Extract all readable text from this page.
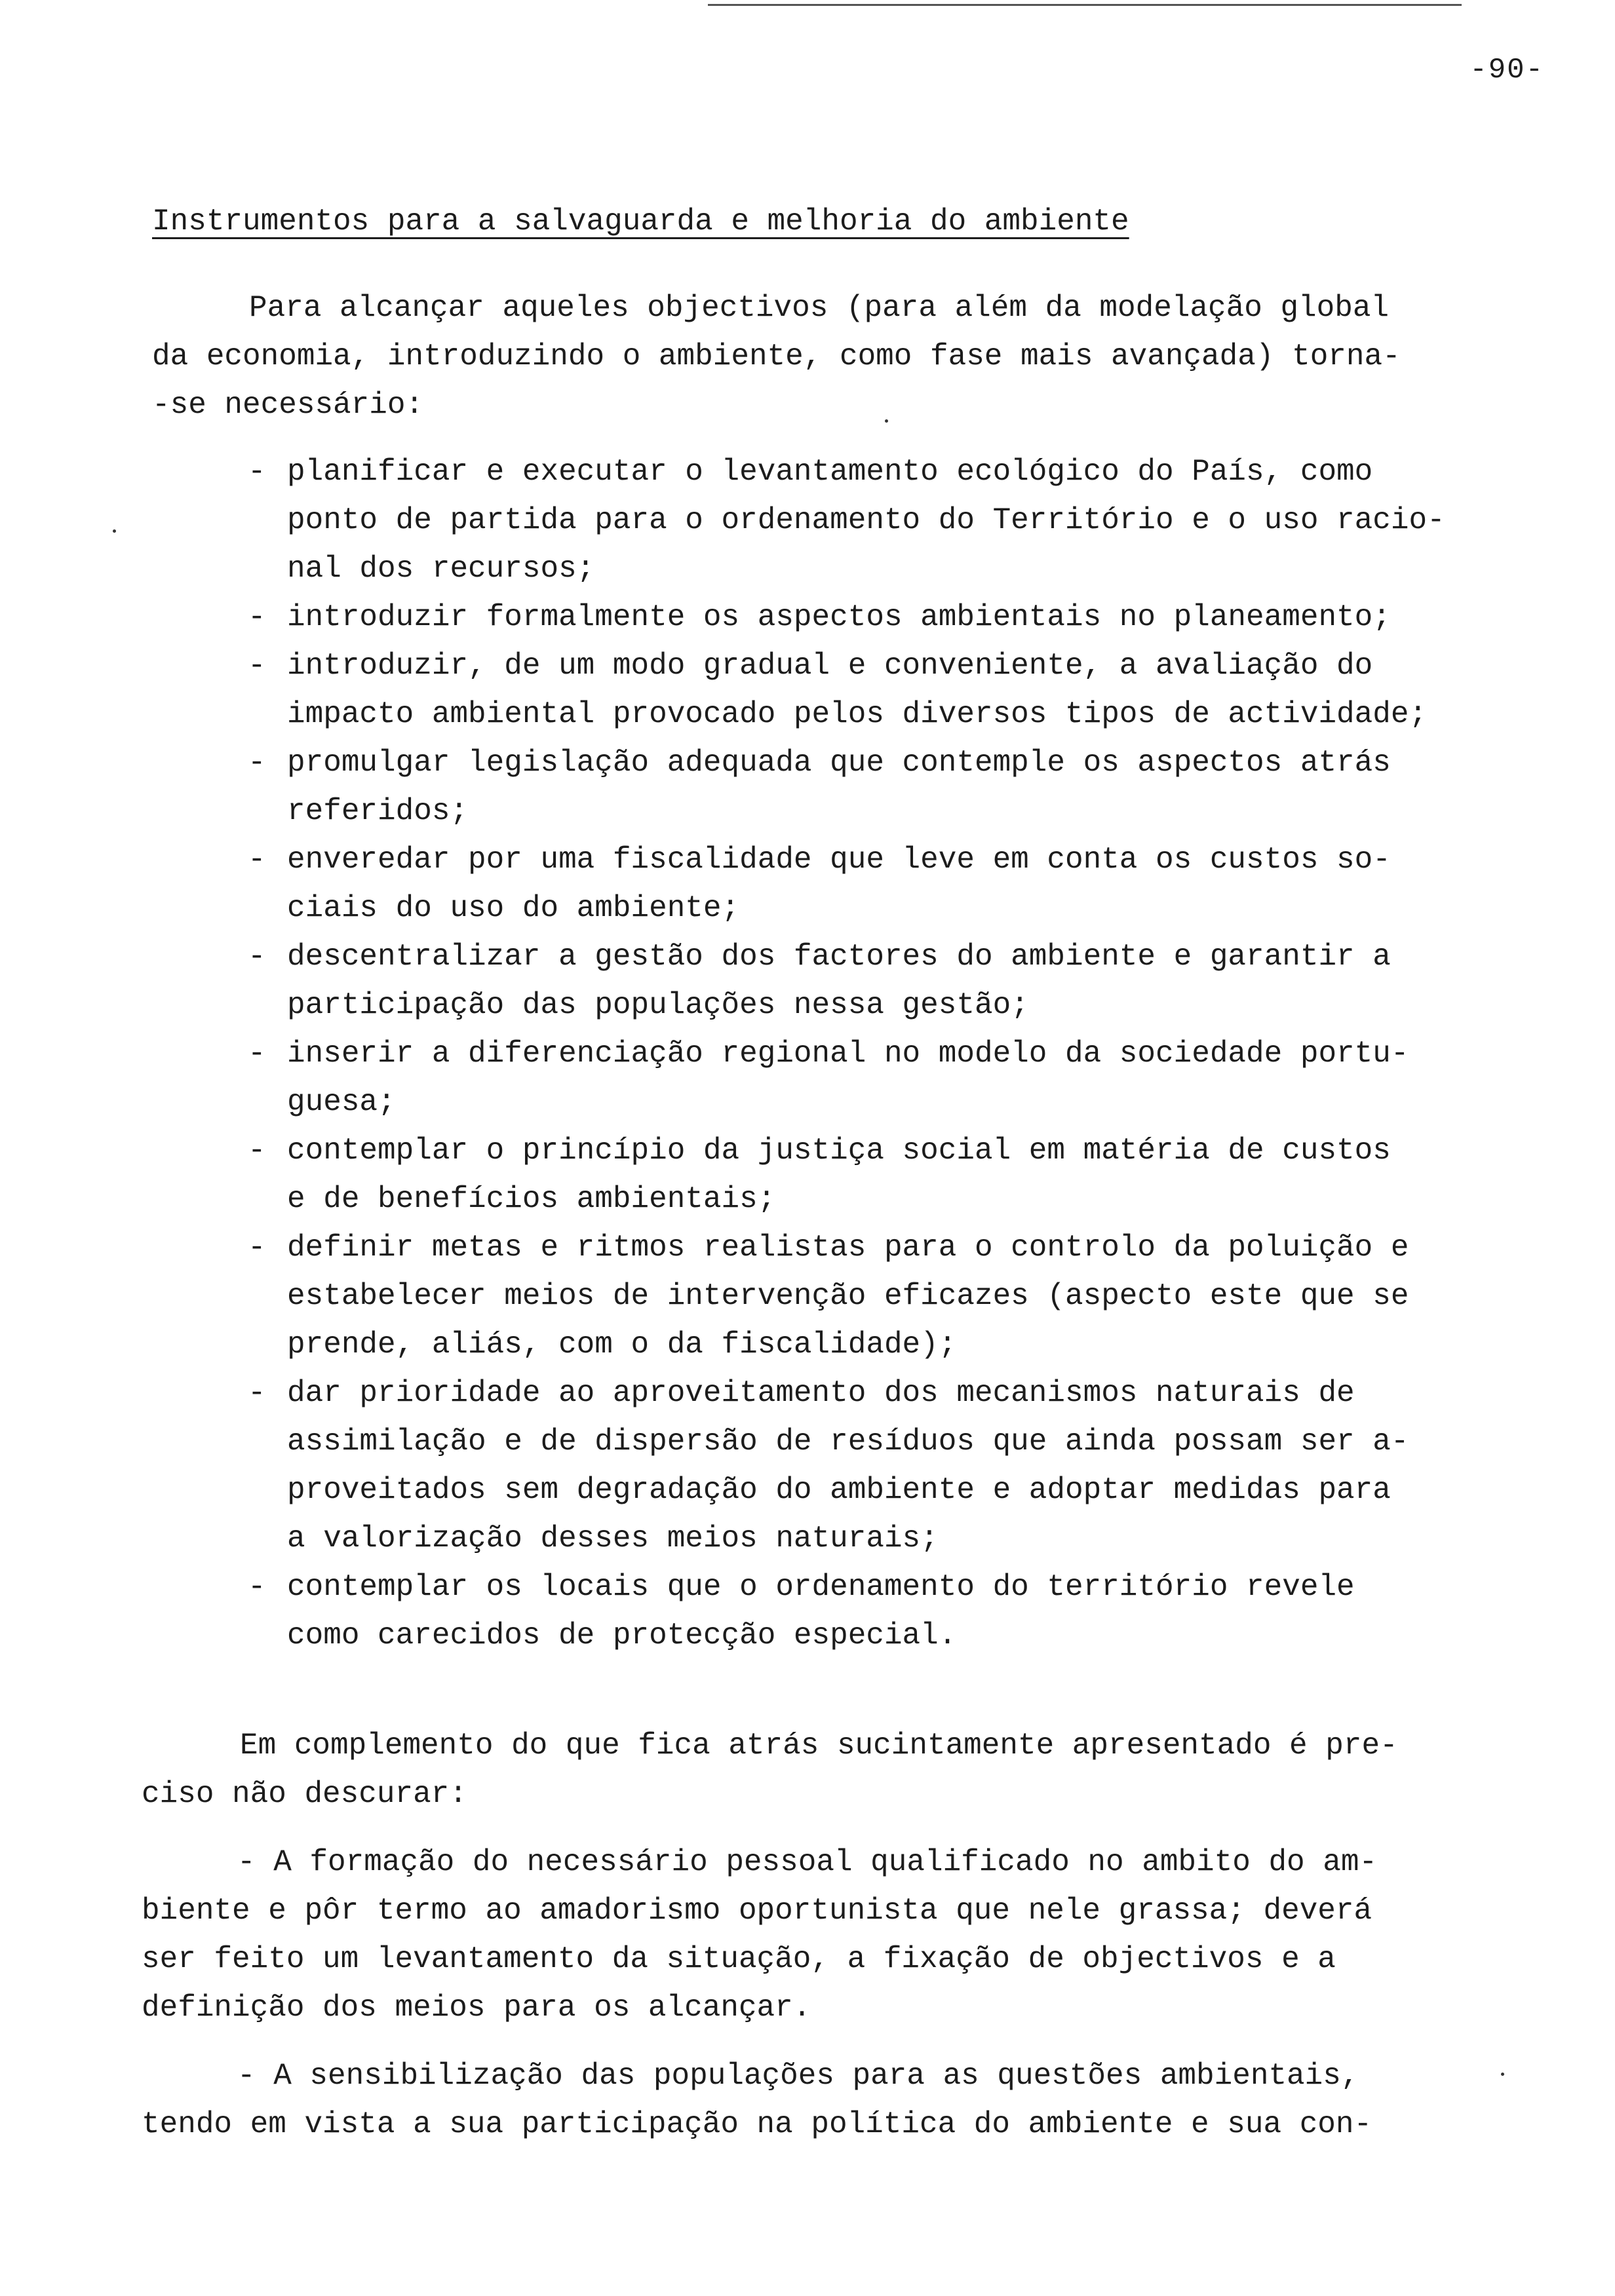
-90-
Instrumentos para a salvaguarda e melhoria do ambiente
Para alcançar aqueles objectivos (para além da modelação global
da economia, introduzindo o ambiente, como fase mais avançada) torna-
-se necessário:
- planificar e executar o levantamento ecológico do País, como
ponto de partida para o ordenamento do Território e o uso racio-
nal dos recursos;
- introduzir formalmente os aspectos ambientais no planeamento;
- introduzir, de um modo gradual e conveniente, a avaliação do
impacto ambiental provocado pelos diversos tipos de actividade;
- promulgar legislação adequada que contemple os aspectos atrás
referidos;
- enveredar por uma fiscalidade que leve em conta os custos so-
ciais do uso do ambiente;
- descentralizar a gestão dos factores do ambiente e garantir a
participação das populações nessa gestão;
- inserir a diferenciação regional no modelo da sociedade portu-
guesa;
- contemplar o princípio da justiça social em matéria de custos
e de benefícios ambientais;
- definir metas e ritmos realistas para o controlo da poluição e
estabelecer meios de intervenção eficazes (aspecto este que se
prende, aliás, com o da fiscalidade);
- dar prioridade ao aproveitamento dos mecanismos naturais de
assimilação e de dispersão de resíduos que ainda possam ser a-
proveitados sem degradação do ambiente e adoptar medidas para
a valorização desses meios naturais;
- contemplar os locais que o ordenamento do território revele
como carecidos de protecção especial.
Em complemento do que fica atrás sucintamente apresentado é pre-
ciso não descurar:
- A formação do necessário pessoal qualificado no ambito do am-
biente e pôr termo ao amadorismo oportunista que nele grassa; deverá
ser feito um levantamento da situação, a fixação de objectivos e a
definição dos meios para os alcançar.
- A sensibilização das populações para as questões ambientais,
tendo em vista a sua participação na política do ambiente e sua con-
